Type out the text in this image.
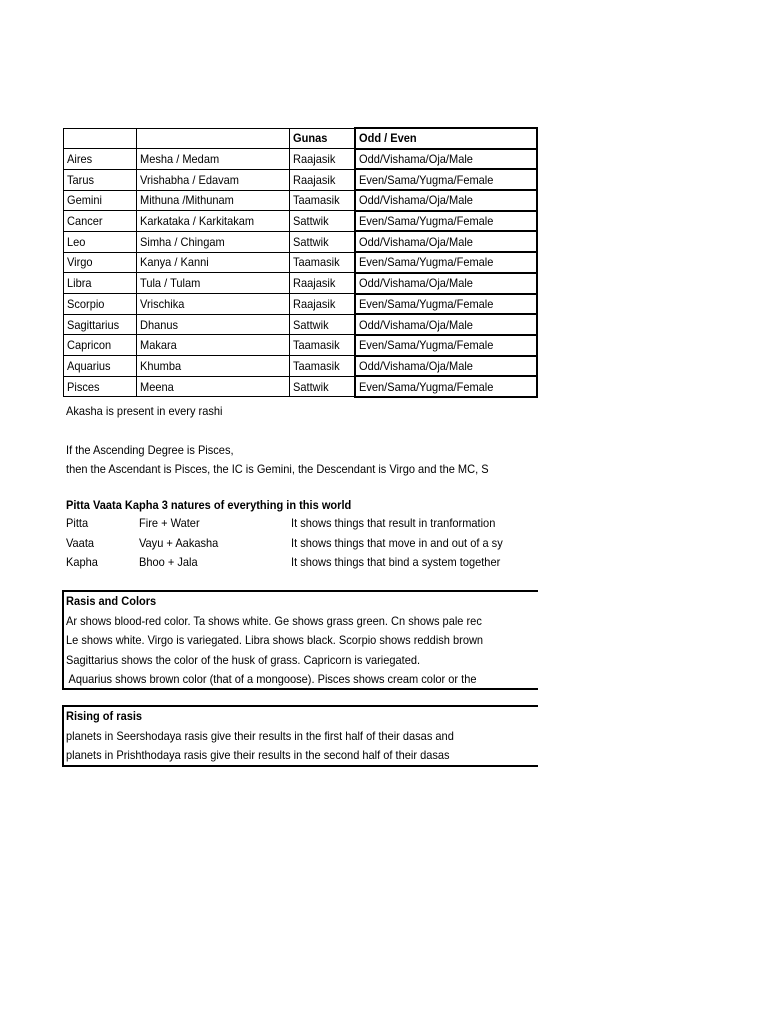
		Gunas	Odd / Even
Aires	Mesha / Medam	Raajasik	Odd/Vishama/Oja/Male
Tarus	Vrishabha / Edavam	Raajasik	Even/Sama/Yugma/Female
Gemini	Mithuna /Mithunam	Taamasik	Odd/Vishama/Oja/Male
Cancer	Karkataka / Karkitakam	Sattwik	Even/Sama/Yugma/Female
Leo	Simha / Chingam	Sattwik	Odd/Vishama/Oja/Male
Virgo	Kanya / Kanni	Taamasik	Even/Sama/Yugma/Female
Libra	Tula / Tulam	Raajasik	Odd/Vishama/Oja/Male
Scorpio	Vrischika	Raajasik	Even/Sama/Yugma/Female
Sagittarius	Dhanus	Sattwik	Odd/Vishama/Oja/Male
Capricon	Makara	Taamasik	Even/Sama/Yugma/Female
Aquarius	Khumba	Taamasik	Odd/Vishama/Oja/Male
Pisces	Meena	Sattwik	Even/Sama/Yugma/Female
Akasha is present in every rashi
If the Ascending Degree is Pisces,
then the Ascendant is Pisces, the IC is Gemini, the Descendant is Virgo and the MC, S
Pitta Vaata Kapha 3 natures of everything in this world
Pitta	Fire + Water	It shows things that result in tranformation
Vaata	Vayu + Aakasha	It shows things that move in and out of a sy
Kapha	Bhoo + Jala	It shows things that bind a system together
Rasis and Colors
Ar shows blood-red color. Ta shows white. Ge shows grass green. Cn shows pale rec
Le shows white. Virgo is variegated. Libra shows black. Scorpio shows reddish brown
Sagittarius shows the color of the husk of grass. Capricorn is variegated.
Aquarius shows brown color (that of a mongoose). Pisces shows cream color or the
Rising of rasis
planets in Seershodaya rasis give their results in the first half of their dasas and
planets in Prishthodaya rasis give their results in the second half of their dasas
